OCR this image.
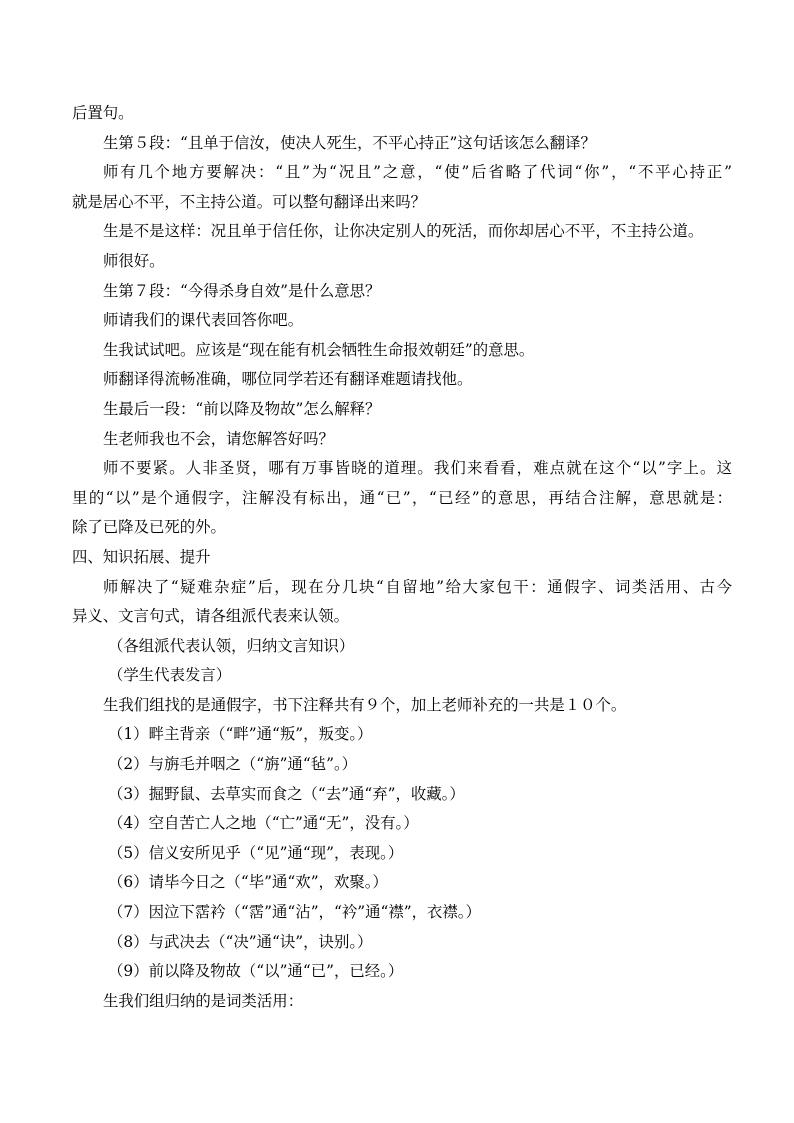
后置句。

生第５段：“且单于信汝，使决人死生，不平心持正”这句话该怎么翻译？

师有几个地方要解决：“且”为“况且”之意，“使”后省略了代词“你”，“不平心持正”

就是居心不平，不主持公道。可以整句翻译出来吗？

生是不是这样：况且单于信任你，让你决定别人的死活，而你却居心不平，不主持公道。

师很好。

生第７段：“今得杀身自效”是什么意思？

师请我们的课代表回答你吧。

生我试试吧。应该是“现在能有机会牺牲生命报效朝廷”的意思。

师翻译得流畅准确，哪位同学若还有翻译难题请找他。

生最后一段：“前以降及物故”怎么解释？

生老师我也不会，请您解答好吗？

师不要紧。人非圣贤，哪有万事皆晓的道理。我们来看看，难点就在这个“以”字上。这

里的“以”是个通假字，注解没有标出，通“已”，“已经”的意思，再结合注解，意思就是：

除了已降及已死的外。

四、知识拓展、提升

师解决了“疑难杂症”后，现在分几块“自留地”给大家包干：通假字、词类活用、古今

异义、文言句式，请各组派代表来认领。

（各组派代表认领，归纳文言知识）

（学生代表发言）

生我们组找的是通假字，书下注释共有９个，加上老师补充的一共是１０个。

（1）畔主背亲（“畔”通“叛”，叛变。）

（2）与旃毛并咽之（“旃”通“毡”。）

（3）掘野鼠、去草实而食之（“去”通“弃”，收藏。）

（4）空自苦亡人之地（“亡”通“无”，没有。）

（5）信义安所见乎（“见”通“现”，表现。）

（6）请毕今日之（“毕”通“欢”，欢聚。）

（7）因泣下霑衿（“霑”通“沾”，“衿”通“襟”，衣襟。）

（8）与武决去（“决”通“诀”，诀别。）

（9）前以降及物故（“以”通“已”，已经。）

生我们组归纳的是词类活用：
